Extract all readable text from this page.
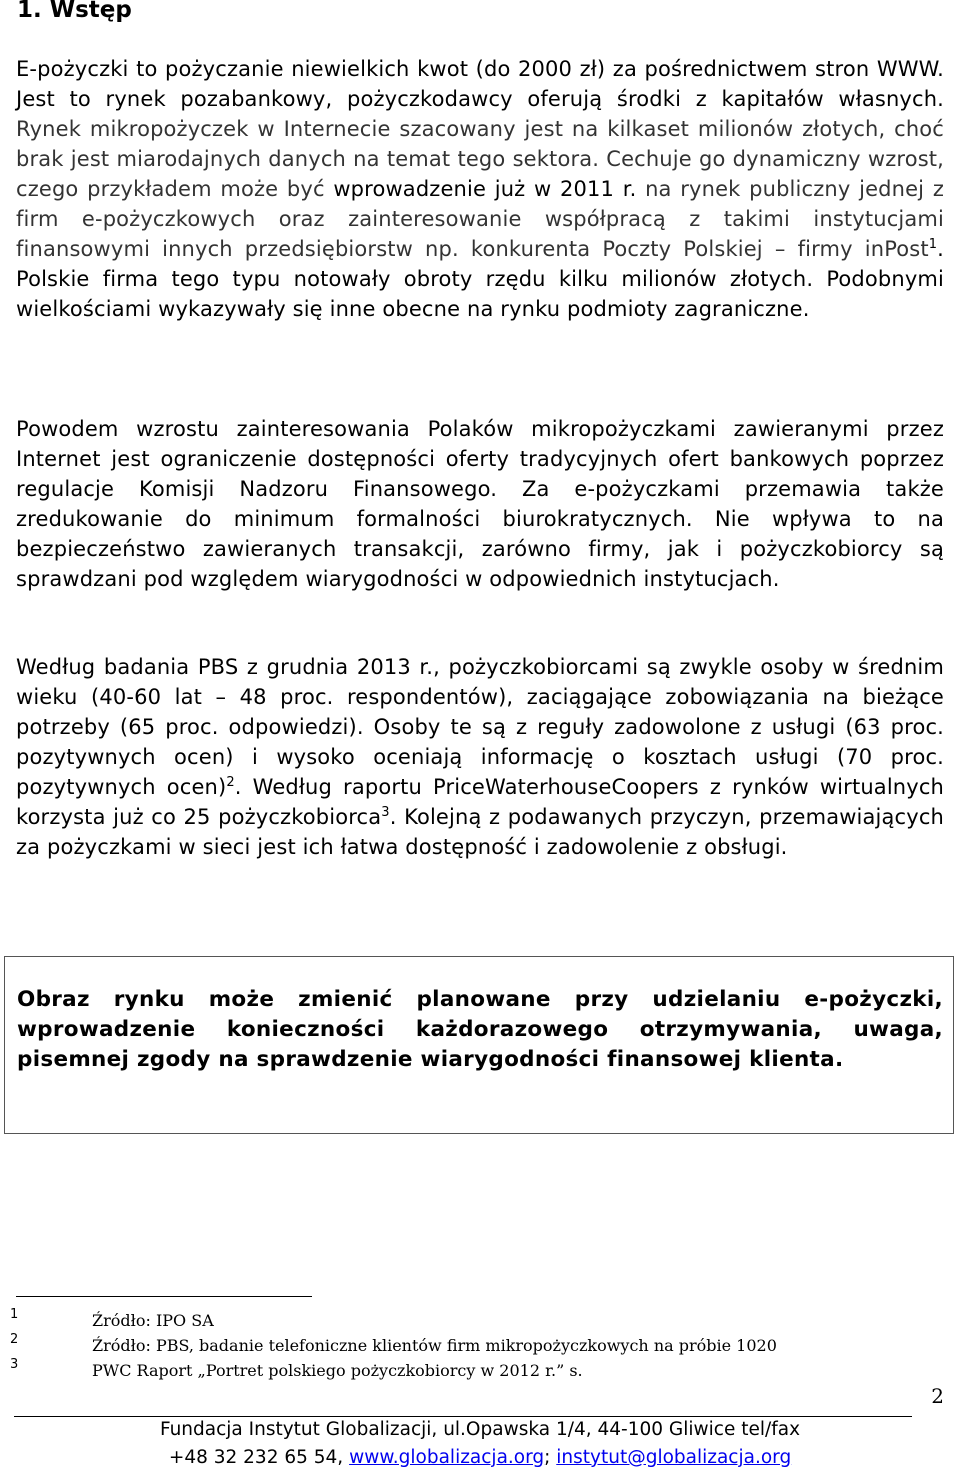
1. Wstęp

E-pożyczki to pożyczanie niewielkich kwot (do 2000 zł) za pośrednictwem stron WWW. Jest to rynek pozabankowy, pożyczkodawcy oferują środki z kapitałów własnych. Rynek mikropożyczek w Internecie szacowany jest na kilkaset milionów złotych, choć brak jest miarodajnych danych na temat tego sektora. Cechuje go dynamiczny wzrost, czego przykładem może być wprowadzenie już w 2011 r. na rynek publiczny jednej z firm e-pożyczkowych oraz zainteresowanie współpracą z takimi instytucjami finansowymi innych przedsiębiorstw np. konkurenta Poczty Polskiej – firmy inPost$^1$. Polskie firma tego typu notowały obroty rzędu kilku milionów złotych. Podobnymi wielkościami wykazywały się inne obecne na rynku podmioty zagraniczne.

Powodem wzrostu zainteresowania Polaków mikropożyczkami zawieranymi przez Internet jest ograniczenie dostępności oferty tradycyjnych ofert bankowych poprzez regulacje Komisji Nadzoru Finansowego. Za e-pożyczkami przemawia także zredukowanie do minimum formalności biurokratycznych. Nie wpływa to na bezpieczeństwo zawieranych transakcji, zarówno firmy, jak i pożyczkobiorcy są sprawdzani pod względem wiarygodności w odpowiednich instytucjach.

Według badania PBS z grudnia 2013 r., pożyczkobiorcami są zwykle osoby w średnim wieku (40-60 lat – 48 proc. respondentów), zaciągające zobowiązania na bieżące potrzeby (65 proc. odpowiedzi). Osoby te są z reguły zadowolone z usługi (63 proc. pozytywnych ocen) i wysoko oceniają informację o kosztach usługi (70 proc. pozytywnych ocen)$^2$. Według raportu PriceWaterhouseCoopers z rynków wirtualnych korzysta już co 25 pożyczkobiorca$^3$. Kolejną z podawanych przyczyn, przemawiających za pożyczkami w sieci jest ich łatwa dostępność i zadowolenie z obsługi.

Obraz rynku może zmienić planowane przy udzielaniu e-pożyczki, wprowadzenie konieczności każdorazowego otrzymywania, uwaga, pisemnej zgody na sprawdzenie wiarygodności finansowej klienta.

1	Źródło: IPO SA
2	Źródło: PBS, badanie telefoniczne klientów firm mikropożyczkowych na próbie 1020
3	PWC Raport „Portret polskiego pożyczkobiorcy w 2012 r.” s.
2
Fundacja Instytut Globalizacji, ul.Opawska 1/4, 44-100 Gliwice tel/fax
+48 32 232 65 54, www.globalizacja.org; instytut@globalizacja.org
